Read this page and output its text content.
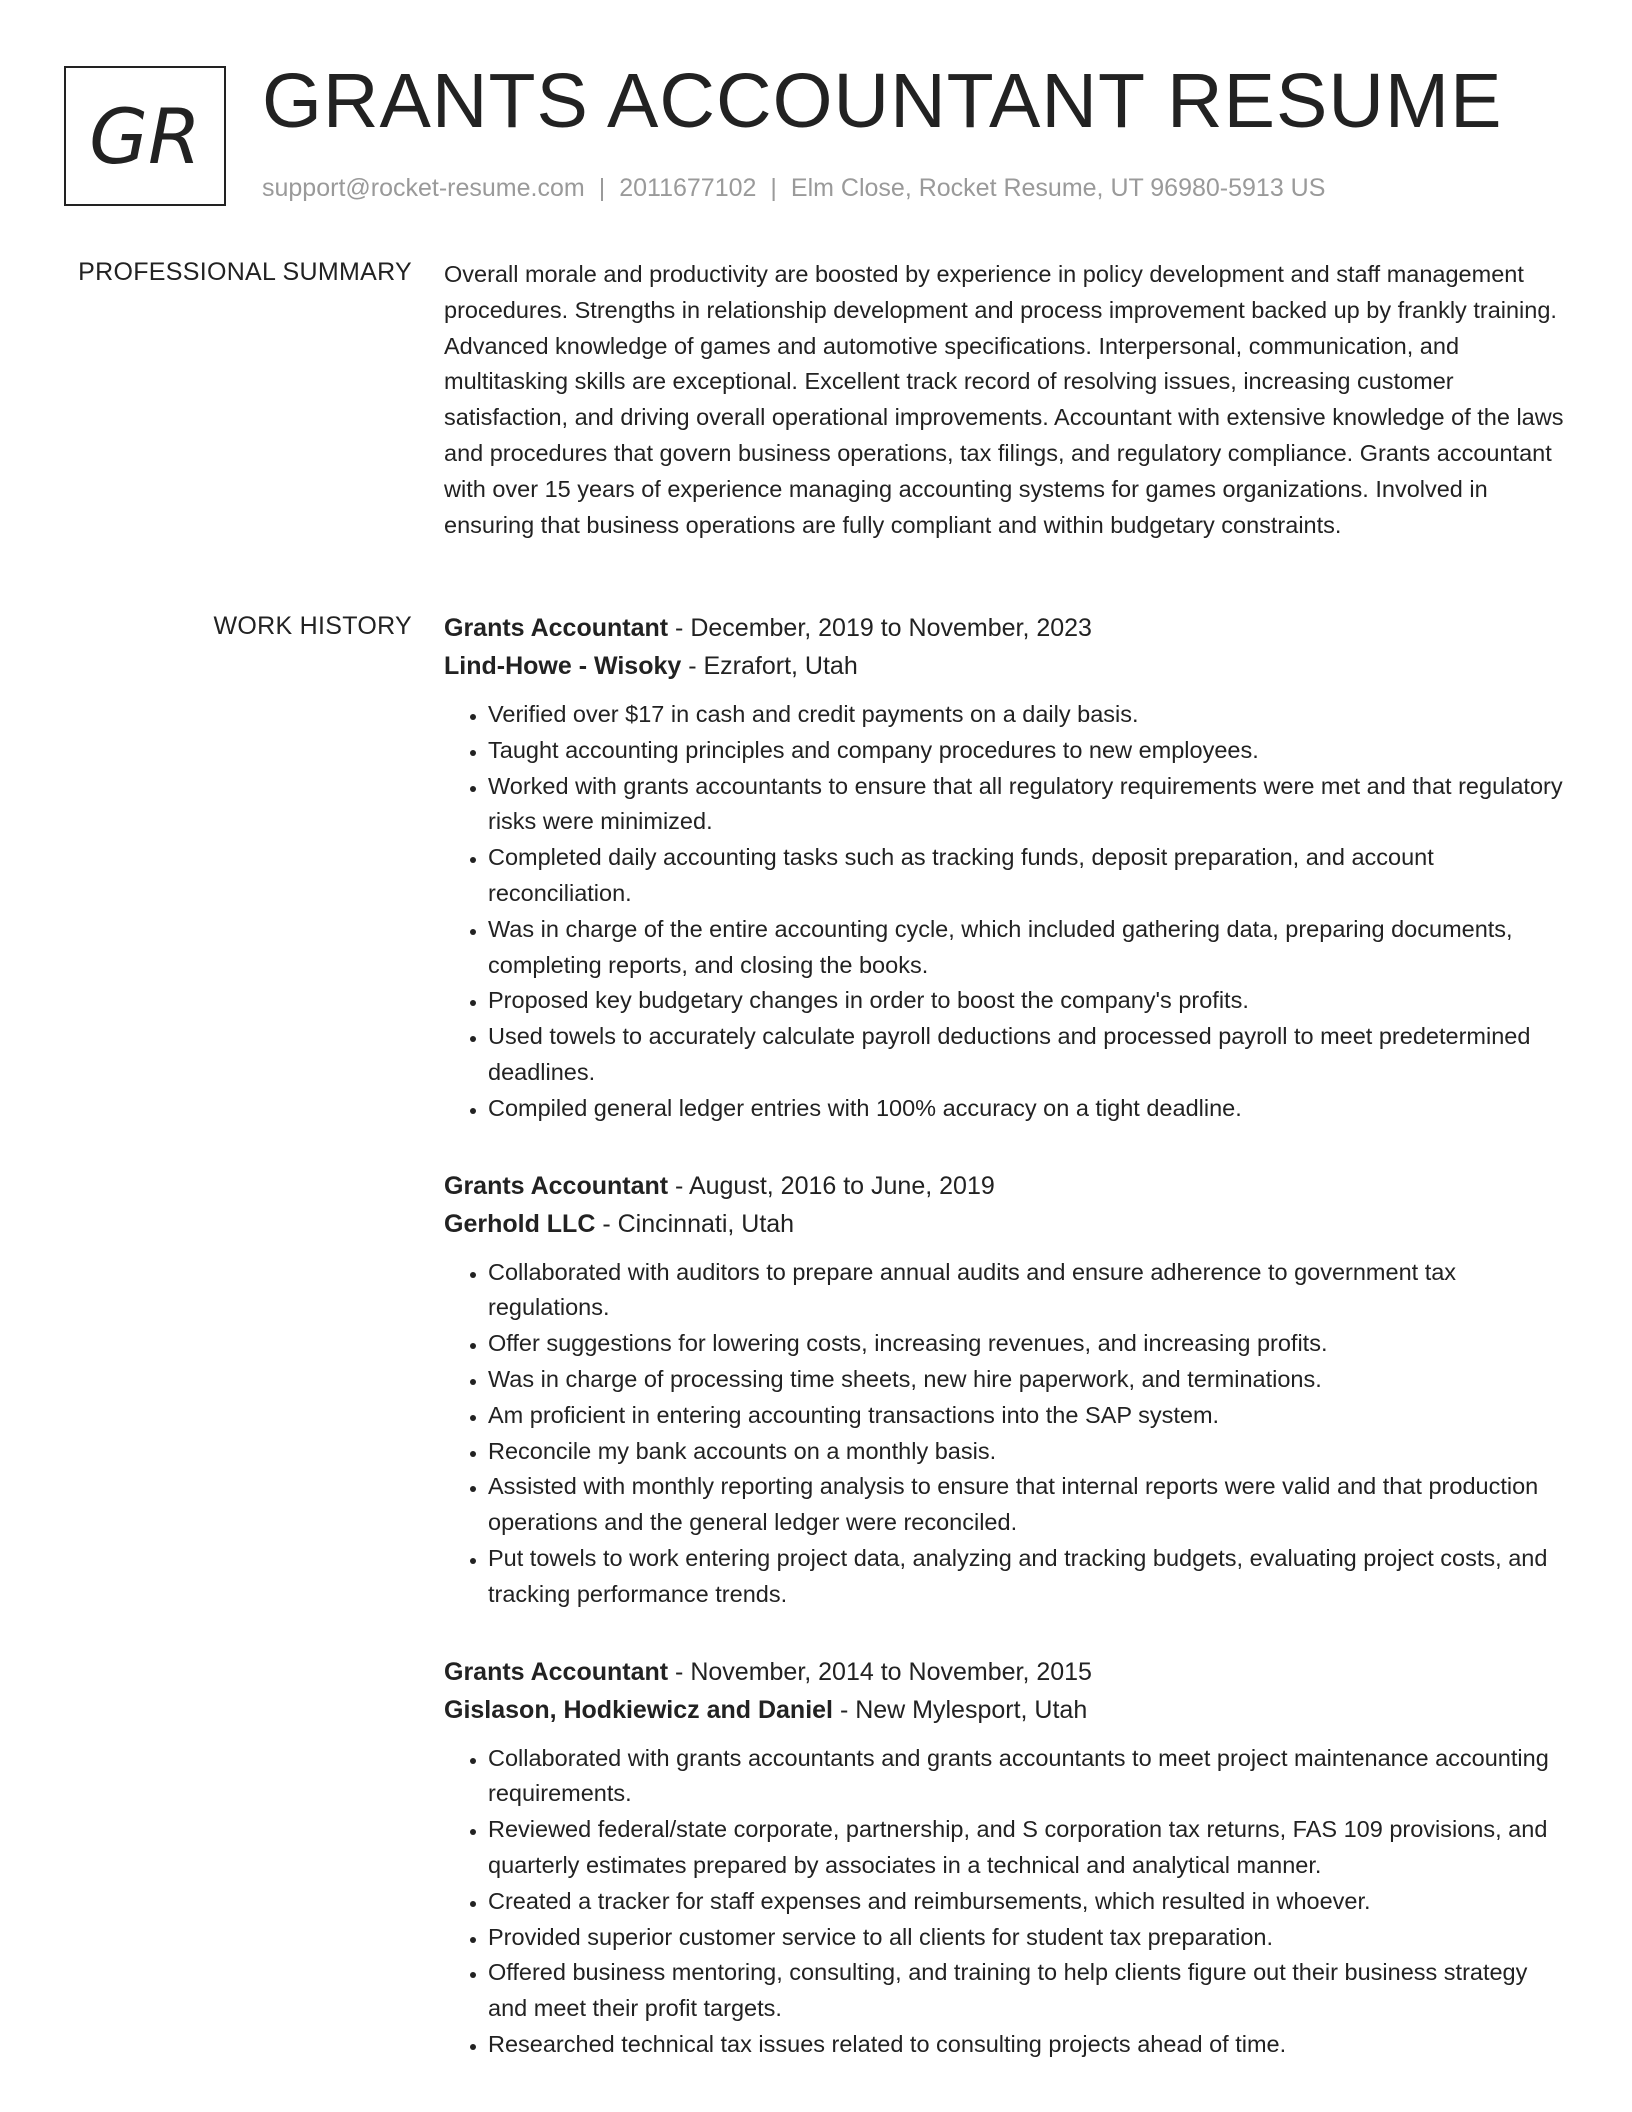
GR GRANTS ACCOUNTANT RESUME
support@rocket-resume.com | 2011677102 | Elm Close, Rocket Resume, UT 96980-5913 US
PROFESSIONAL SUMMARY Overall morale and productivity are boosted by experience in policy development and staff management procedures. Strengths in relationship development and process improvement backed up by frankly training. Advanced knowledge of games and automotive specifications. Interpersonal, communication, and multitasking skills are exceptional. Excellent track record of resolving issues, increasing customer satisfaction, and driving overall operational improvements. Accountant with extensive knowledge of the laws and procedures that govern business operations, tax filings, and regulatory compliance. Grants accountant with over 15 years of experience managing accounting systems for games organizations. Involved in ensuring that business operations are fully compliant and within budgetary constraints.

WORK HISTORY Grants Accountant - December, 2019 to November, 2023

Lind-Howe - Wisoky - Ezrafort, Utah

• Verified over $17 in cash and credit payments on a daily basis.
• Taught accounting principles and company procedures to new employees.
• Worked with grants accountants to ensure that all regulatory requirements were met and that regulatory risks were minimized.
• Completed daily accounting tasks such as tracking funds, deposit preparation, and account reconciliation.
• Was in charge of the entire accounting cycle, which included gathering data, preparing documents, completing reports, and closing the books.
• Proposed key budgetary changes in order to boost the company's profits.
• Used towels to accurately calculate payroll deductions and processed payroll to meet predetermined deadlines.
• Compiled general ledger entries with 100% accuracy on a tight deadline.

Grants Accountant - August, 2016 to June, 2019

Gerhold LLC - Cincinnati, Utah

• Collaborated with auditors to prepare annual audits and ensure adherence to government tax regulations.
• Offer suggestions for lowering costs, increasing revenues, and increasing profits.
• Was in charge of processing time sheets, new hire paperwork, and terminations.
• Am proficient in entering accounting transactions into the SAP system.
• Reconcile my bank accounts on a monthly basis.
• Assisted with monthly reporting analysis to ensure that internal reports were valid and that production operations and the general ledger were reconciled.
• Put towels to work entering project data, analyzing and tracking budgets, evaluating project costs, and tracking performance trends.

Grants Accountant - November, 2014 to November, 2015

Gislason, Hodkiewicz and Daniel - New Mylesport, Utah

• Collaborated with grants accountants and grants accountants to meet project maintenance accounting requirements.
• Reviewed federal/state corporate, partnership, and S corporation tax returns, FAS 109 provisions, and quarterly estimates prepared by associates in a technical and analytical manner.
• Created a tracker for staff expenses and reimbursements, which resulted in whoever.
• Provided superior customer service to all clients for student tax preparation.
• Offered business mentoring, consulting, and training to help clients figure out their business strategy and meet their profit targets.
• Researched technical tax issues related to consulting projects ahead of time.
